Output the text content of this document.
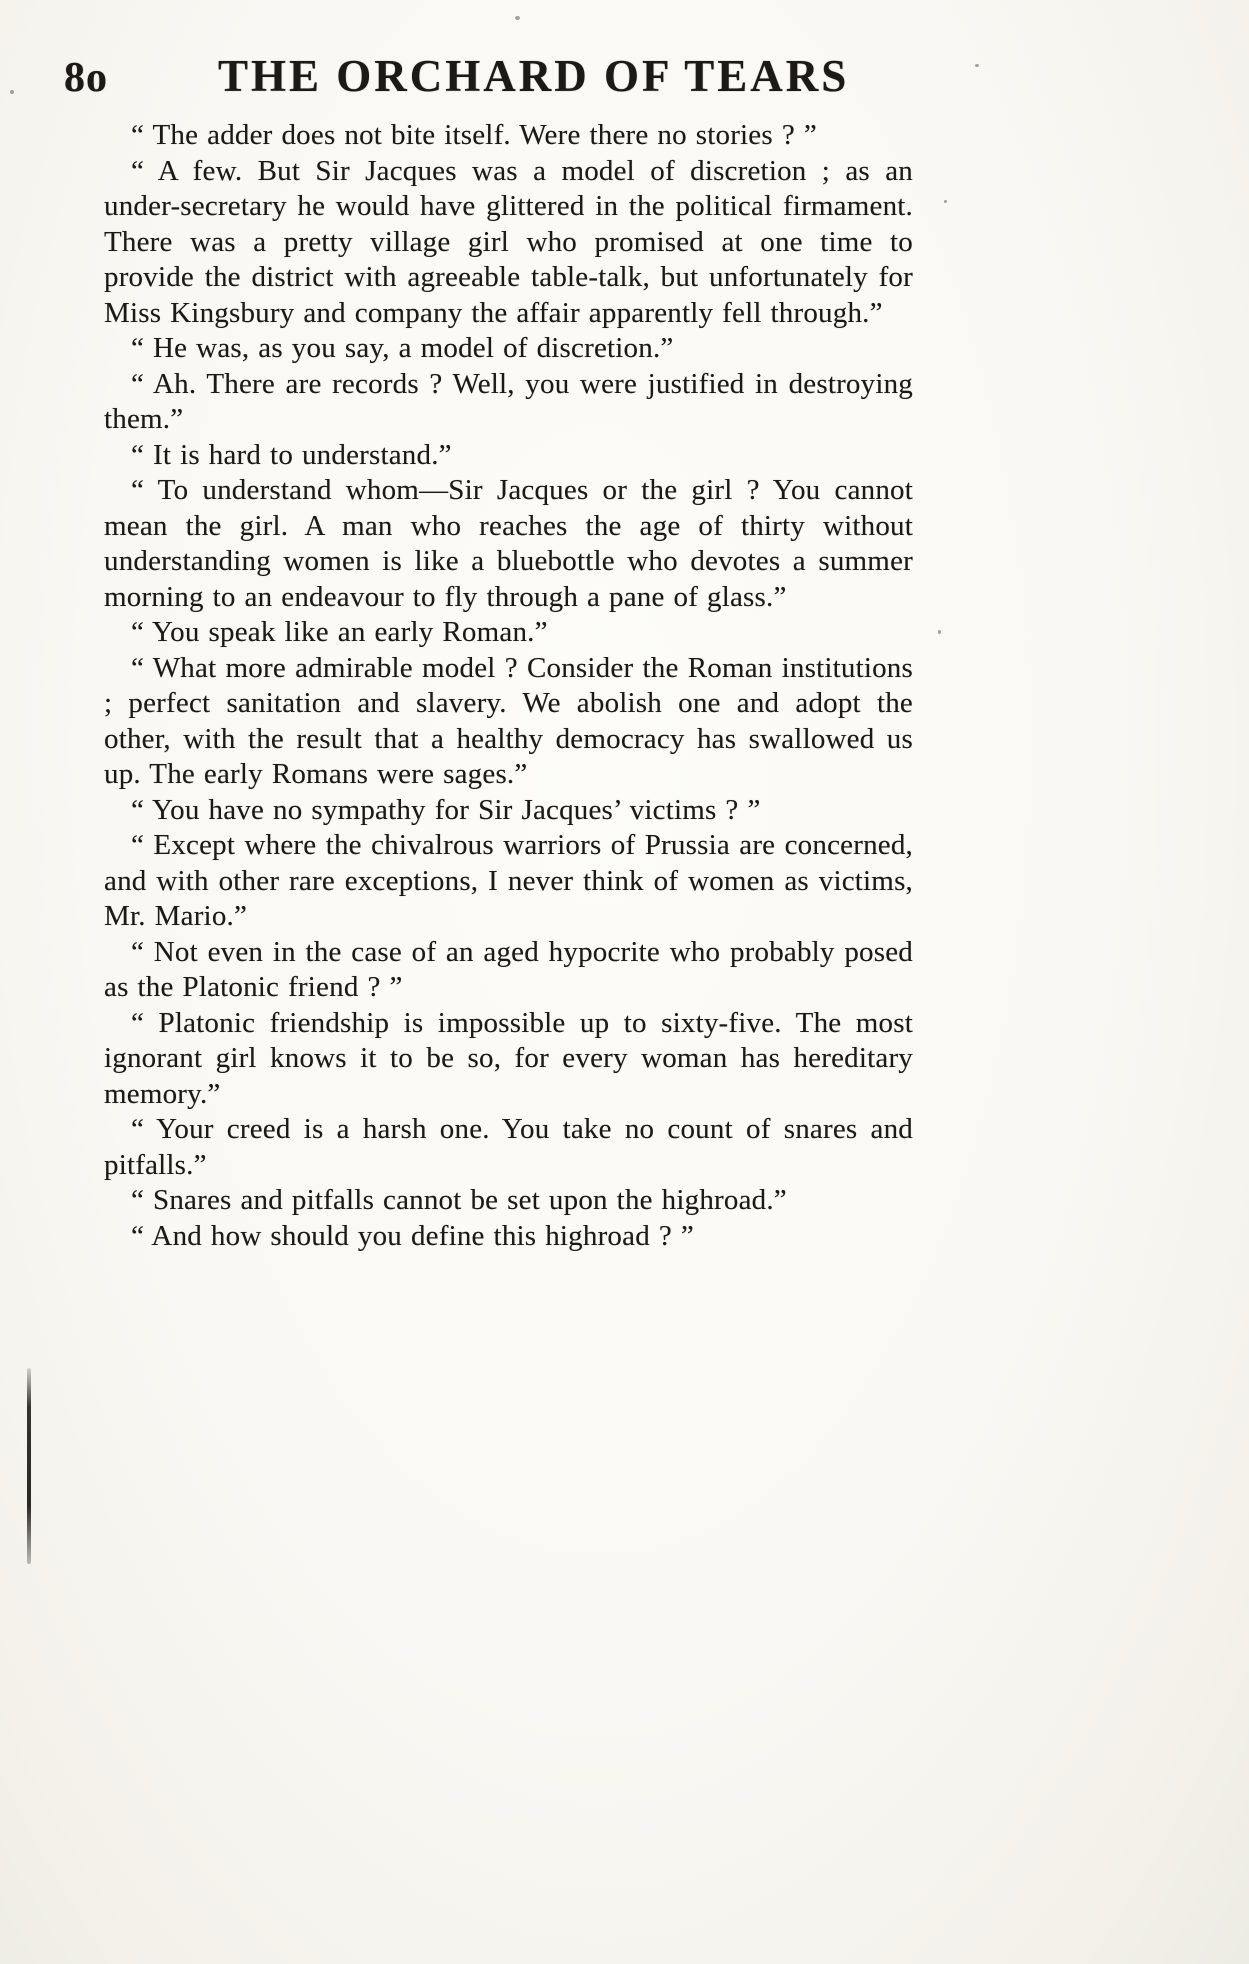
8o THE ORCHARD OF TEARS

“ The adder does not bite itself. Were there no stories ? ”

“ A few. But Sir Jacques was a model of discretion ; as an under-secretary he would have glittered in the political firmament. There was a pretty village girl who promised at one time to provide the district with agreeable table-talk, but unfortunately for Miss Kingsbury and company the affair apparently fell through.”

“ He was, as you say, a model of discretion.”

“ Ah. There are records ? Well, you were justified in destroying them.”

“ It is hard to understand.”

“ To understand whom—Sir Jacques or the girl ? You cannot mean the girl. A man who reaches the age of thirty without understanding women is like a bluebottle who devotes a summer morning to an endeavour to fly through a pane of glass.”

“ You speak like an early Roman.”

“ What more admirable model ? Consider the Roman institutions ; perfect sanitation and slavery. We abolish one and adopt the other, with the result that a healthy democracy has swallowed us up. The early Romans were sages.”

“ You have no sympathy for Sir Jacques’ victims ? ”

“ Except where the chivalrous warriors of Prussia are concerned, and with other rare exceptions, I never think of women as victims, Mr. Mario.”

“ Not even in the case of an aged hypocrite who probably posed as the Platonic friend ? ”

“ Platonic friendship is impossible up to sixty-five. The most ignorant girl knows it to be so, for every woman has hereditary memory.”

“ Your creed is a harsh one. You take no count of snares and pitfalls.”

“ Snares and pitfalls cannot be set upon the highroad.”

“ And how should you define this highroad ? ”
